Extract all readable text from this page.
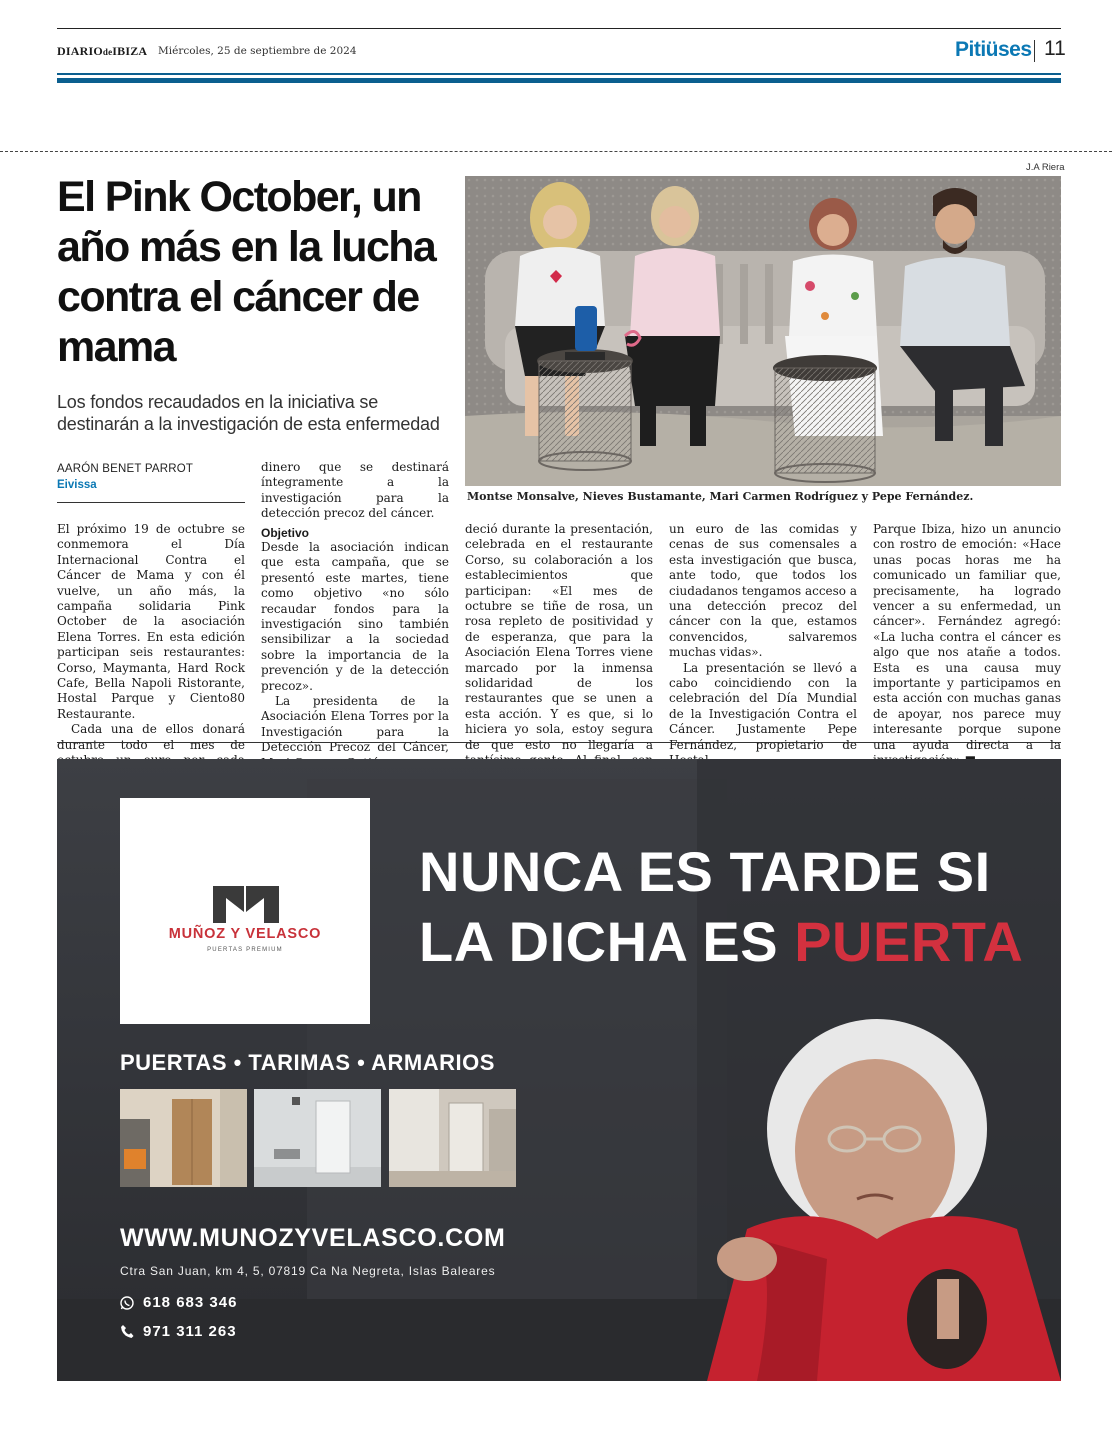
DIARIOdeIBIZA Miércoles, 25 de septiembre de 2024	Pitiüses 11
El Pink October, un año más en la lucha contra el cáncer de mama
Los fondos recaudados en la iniciativa se destinarán a la investigación de esta enfermedad
J.A Riera
Montse Monsalve, Nieves Bustamante, Mari Carmen Rodríguez y Pepe Fernández.
AARÓN BENET PARROT
Eivissa

El próximo 19 de octubre se conmemora el Día Internacional Contra el Cáncer de Mama y con él vuelve, un año más, la campaña solidaria Pink October de la asociación Elena Torres. En esta edición participan seis restaurantes: Corso, Maymanta, Hard Rock Cafe, Bella Napoli Ristorante, Hostal Parque y Ciento80 Restaurante.

Cada una de ellos donará durante todo el mes de

dinero que se destinará íntegramente a la investigación para la detección precoz del cáncer.

Objetivo

Desde la asociación indican que esta campaña, que se presentó este martes, tiene como objetivo «no sólo recaudar fondos para la investigación sino también sensibilizar a la sociedad sobre la importancia de la prevención y de la detección precoz».

La presidenta de la Asociación Elena Torres por la Investigación para la Detección Precoz del Cáncer,

deció durante la presentación, celebrada en el restaurante Corso, su colaboración a los establecimientos que participan: «El mes de octubre se tiñe de rosa, un rosa repleto de positividad y de esperanza, que para la Asociación Elena Torres viene marcado por la inmensa solidaridad de los restaurantes que se unen a esta acción. Y es que, si lo hiciera yo sola, estoy segura de que esto no llegaría a

un euro de las comidas y cenas de sus comensales a esta investigación que busca, ante todo, que todos los ciudadanos tengamos acceso a una detección precoz del cáncer con la que, estamos convencidos, salvaremos muchas vidas».

La presentación se llevó a cabo coincidiendo con la celebración del Día Mundial de la Investigación Contra el Cáncer. Justamente Pepe Fernández, propietario de

Parque Ibiza, hizo un anuncio con rostro de emoción: «Hace unas pocas horas me ha comunicado un familiar que, precisamente, ha logrado vencer a su enfermedad, un cáncer». Fernández agregó: «La lucha contra el cáncer es algo que nos atañe a todos. Esta es una causa muy importante y participamos en esta acción con muchas ganas de apoyar, nos parece muy interesante porque supone una ayuda directa a la

MUÑOZ Y VELASCO
PUERTAS PREMIUM
NUNCA ES TARDE SI
LA DICHA ES PUERTA
PUERTAS • TARIMAS • ARMARIOS
WWW.MUNOZYVELASCO.COM
Ctra San Juan, km 4, 5, 07819 Ca Na Negreta, Islas Baleares
618 683 346
971 311 263
